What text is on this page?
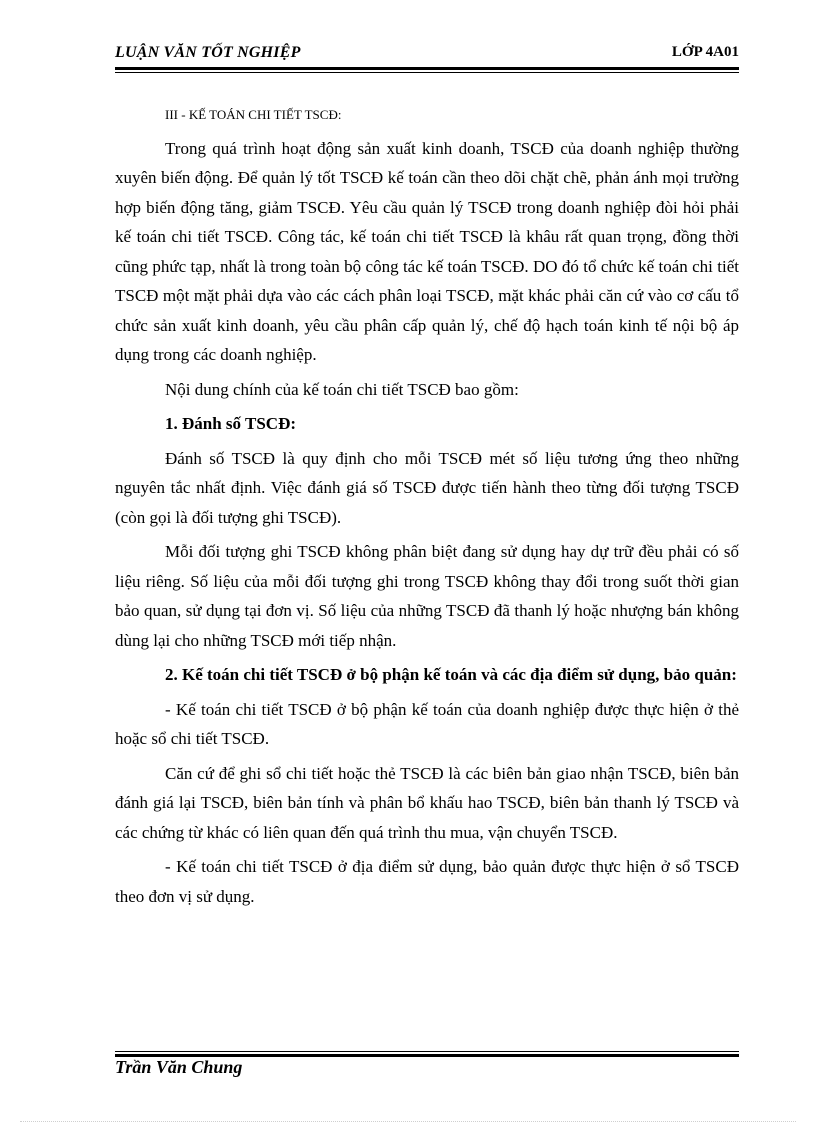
LUẬN VĂN TỐT NGHIỆP	LỚP 4A01

III - KẾ TOÁN CHI TIẾT TSCĐ:

Trong quá trình hoạt động sản xuất kinh doanh, TSCĐ của doanh nghiệp thường xuyên biến động. Để quản lý tốt TSCĐ kế toán cần theo dõi chặt chẽ, phản ánh mọi trường hợp biến động tăng, giảm TSCĐ. Yêu cầu quản lý TSCĐ trong doanh nghiệp đòi hỏi phải kế toán chi tiết TSCĐ. Công tác, kế toán chi tiết TSCĐ là khâu rất quan trọng, đồng thời cũng phức tạp, nhất là trong toàn bộ công tác kế toán TSCĐ. DO đó tổ chức kế toán chi tiết TSCĐ một mặt phải dựa vào các cách phân loại TSCĐ, mặt khác phải căn cứ vào cơ cấu tổ chức sản xuất kinh doanh, yêu cầu phân cấp quản lý, chế độ hạch toán kinh tế nội bộ áp dụng trong các doanh nghiệp.

Nội dung chính của kế toán chi tiết TSCĐ bao gồm:

1. Đánh số TSCĐ:

Đánh số TSCĐ là quy định cho mỗi TSCĐ mét số liệu tương ứng theo những nguyên tắc nhất định. Việc đánh giá số TSCĐ được tiến hành theo từng đối tượng TSCĐ (còn gọi là đối tượng ghi TSCĐ).

Mỗi đối tượng ghi TSCĐ không phân biệt đang sử dụng hay dự trữ đều phải có số liệu riêng. Số liệu của mỗi đối tượng ghi trong TSCĐ không thay đổi trong suốt thời gian bảo quan, sử dụng tại đơn vị. Số liệu của những TSCĐ đã thanh lý hoặc nhượng bán không dùng lại cho những TSCĐ mới tiếp nhận.

2. Kế toán chi tiết TSCĐ ở bộ phận kế toán và các địa điểm sử dụng, bảo quản:

- Kế toán chi tiết TSCĐ ở bộ phận kế toán của doanh nghiệp được thực hiện ở thẻ hoặc sổ chi tiết TSCĐ.

Căn cứ để ghi sổ chi tiết hoặc thẻ TSCĐ là các biên bản giao nhận TSCĐ, biên bản đánh giá lại TSCĐ, biên bản tính và phân bổ khấu hao TSCĐ, biên bản thanh lý TSCĐ và các chứng từ khác có liên quan đến quá trình thu mua, vận chuyển TSCĐ.

- Kế toán chi tiết TSCĐ ở địa điểm sử dụng, bảo quản được thực hiện ở sổ TSCĐ theo đơn vị sử dụng.

Trần Văn Chung
